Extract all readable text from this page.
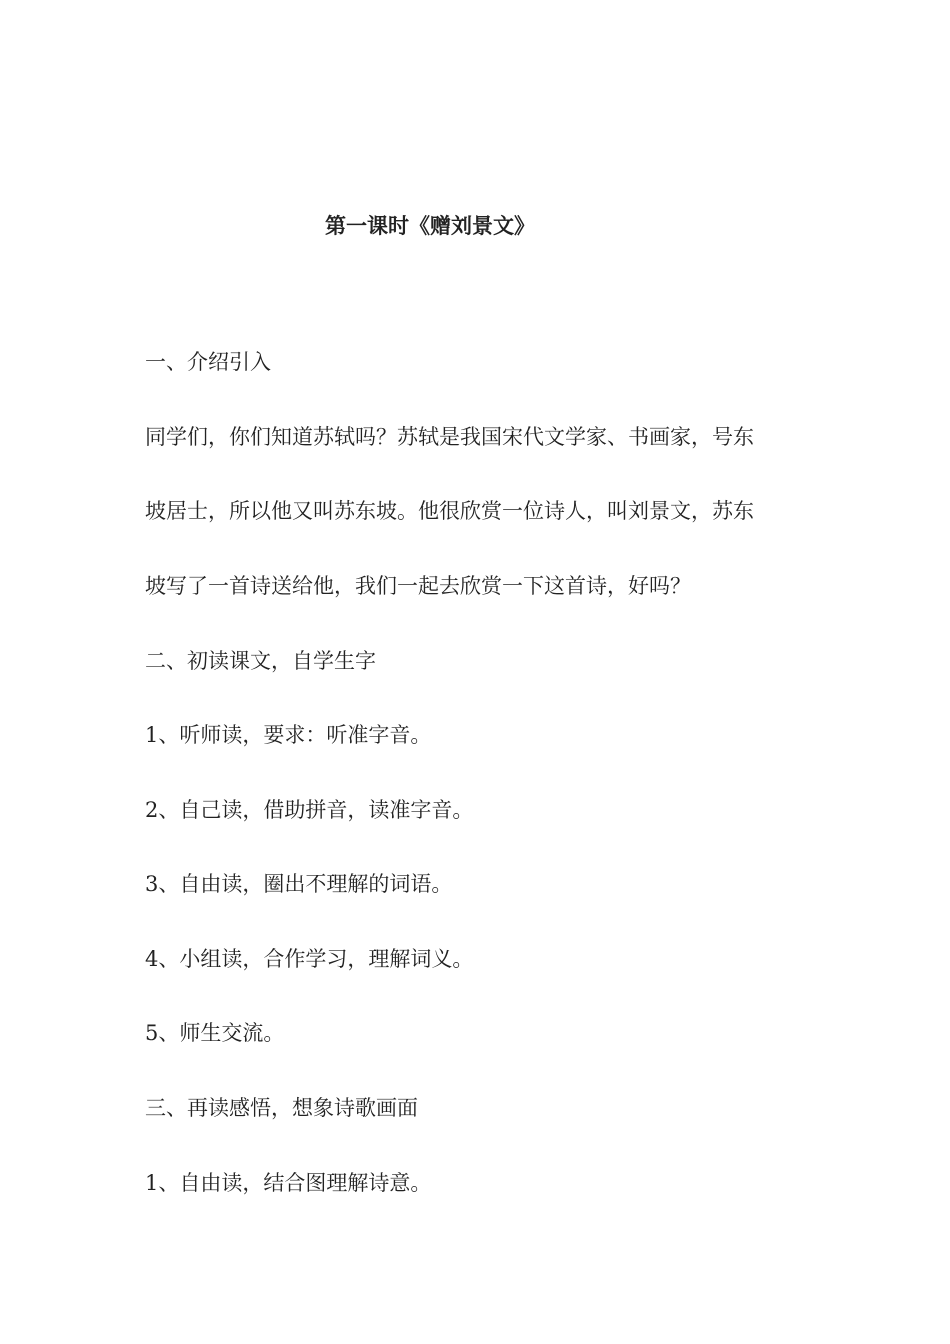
第一课时《赠刘景文》
一、介绍引入
同学们，你们知道苏轼吗？苏轼是我国宋代文学家、书画家，号东
坡居士，所以他又叫苏东坡。他很欣赏一位诗人，叫刘景文，苏东
坡写了一首诗送给他，我们一起去欣赏一下这首诗，好吗？
二、初读课文，自学生字
1、听师读，要求：听准字音。
2、自己读，借助拼音，读准字音。
3、自由读，圈出不理解的词语。
4、小组读，合作学习，理解词义。
5、师生交流。
三、再读感悟，想象诗歌画面
1、自由读，结合图理解诗意。
